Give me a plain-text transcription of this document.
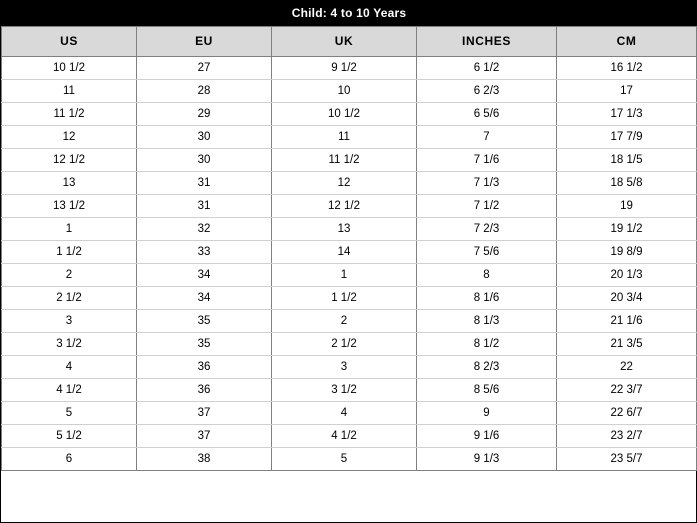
Child: 4 to 10 Years
US	EU	UK	INCHES	CM
10 1/2	27	9 1/2	6 1/2	16 1/2
11	28	10	6 2/3	17
11 1/2	29	10 1/2	6 5/6	17 1/3
12	30	11	7	17 7/9
12 1/2	30	11 1/2	7 1/6	18 1/5
13	31	12	7 1/3	18 5/8
13 1/2	31	12 1/2	7 1/2	19
1	32	13	7 2/3	19 1/2
1 1/2	33	14	7 5/6	19 8/9
2	34	1	8	20 1/3
2 1/2	34	1 1/2	8 1/6	20 3/4
3	35	2	8 1/3	21 1/6
3 1/2	35	2 1/2	8 1/2	21 3/5
4	36	3	8 2/3	22
4 1/2	36	3 1/2	8 5/6	22 3/7
5	37	4	9	22 6/7
5 1/2	37	4 1/2	9 1/6	23 2/7
6	38	5	9 1/3	23 5/7
